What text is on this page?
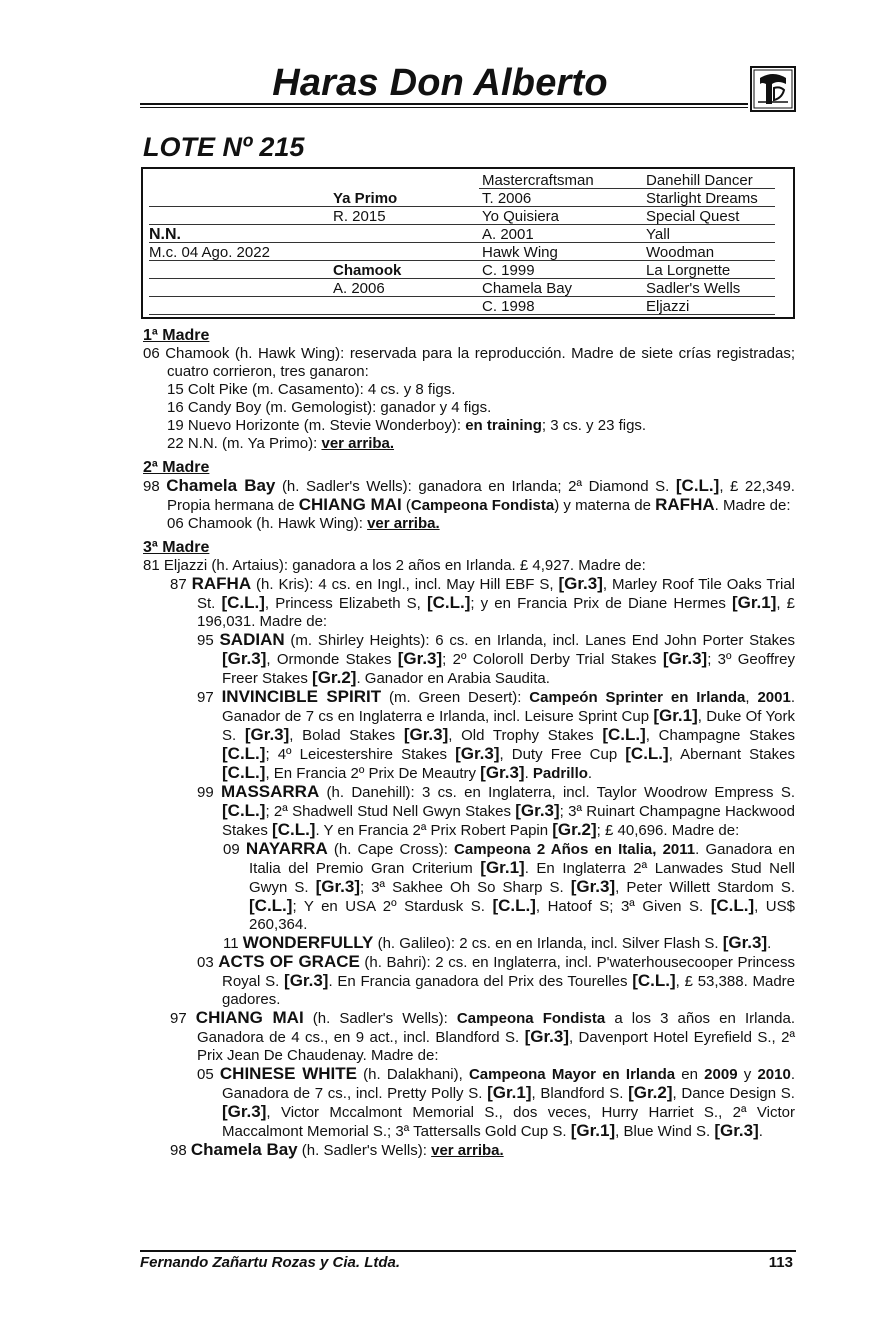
Haras Don Alberto
LOTE Nº 215
Mastercraftsman
T. 2006
Yo Quisiera
A. 2001
Hawk Wing
C. 1999
Chamela Bay
C. 1998
Danehill Dancer
Starlight Dreams
Special Quest
Yall
Woodman
La Lorgnette
Sadler's Wells
Eljazzi
Ya Primo
R. 2015
Chamook
A. 2006
N.N.
M.c. 04 Ago. 2022
1ª Madre
06 Chamook (h. Hawk Wing): reservada para la reproducción. Madre de siete crías registradas; cuatro corrieron, tres ganaron:
15 Colt Pike (m. Casamento): 4 cs. y 8 figs.
16 Candy Boy (m. Gemologist): ganador y 4 figs.
19 Nuevo Horizonte (m. Stevie Wonderboy): en training; 3 cs. y 23 figs.
22 N.N. (m. Ya Primo): ver arriba.
2ª Madre
98 Chamela Bay (h. Sadler's Wells): ganadora en Irlanda; 2ª Diamond S. [C.L.], £ 22,349. Propia hermana de CHIANG MAI (Campeona Fondista) y materna de RAFHA. Madre de:
06 Chamook (h. Hawk Wing): ver arriba.
3ª Madre
81 Eljazzi (h. Artaius): ganadora a los 2 años en Irlanda. £ 4,927. Madre de:
87 RAFHA (h. Kris): 4 cs. en Ingl., incl. May Hill EBF S, [Gr.3], Marley Roof Tile Oaks Trial St. [C.L.], Princess Elizabeth S, [C.L.]; y en Francia Prix de Diane Hermes [Gr.1], £ 196,031. Madre de:
95 SADIAN (m. Shirley Heights): 6 cs. en Irlanda, incl. Lanes End John Porter Stakes [Gr.3], Ormonde Stakes [Gr.3]; 2º Coloroll Derby Trial Stakes [Gr.3]; 3º Geoffrey Freer Stakes [Gr.2]. Ganador en Arabia Saudita.
97 INVINCIBLE SPIRIT (m. Green Desert): Campeón Sprinter en Irlanda, 2001. Ganador de 7 cs en Inglaterra e Irlanda, incl. Leisure Sprint Cup [Gr.1], Duke Of York S. [Gr.3], Bolad Stakes [Gr.3], Old Trophy Stakes [C.L.], Champagne Stakes [C.L.]; 4º Leicestershire Stakes [Gr.3], Duty Free Cup [C.L.], Abernant Stakes [C.L.], En Francia 2º Prix De Meautry [Gr.3]. Padrillo.
99 MASSARRA (h. Danehill): 3 cs. en Inglaterra, incl. Taylor Woodrow Empress S. [C.L.]; 2ª Shadwell Stud Nell Gwyn Stakes [Gr.3]; 3ª Ruinart Champagne Hackwood Stakes [C.L.]. Y en Francia 2ª Prix Robert Papin [Gr.2]; £ 40,696. Madre de:
09 NAYARRA (h. Cape Cross): Campeona 2 Años en Italia, 2011. Ganadora en Italia del Premio Gran Criterium [Gr.1]. En Inglaterra 2ª Lanwades Stud Nell Gwyn S. [Gr.3]; 3ª Sakhee Oh So Sharp S. [Gr.3], Peter Willett Stardom S. [C.L.]; Y en USA 2º Stardusk S. [C.L.], Hatoof S; 3ª Given S. [C.L.], US$ 260,364.
11 WONDERFULLY (h. Galileo): 2 cs. en en Irlanda, incl. Silver Flash S. [Gr.3].
03 ACTS OF GRACE (h. Bahri): 2 cs. en Inglaterra, incl. P'waterhousecooper Princess Royal S. [Gr.3]. En Francia ganadora del Prix des Tourelles [C.L.], £ 53,388. Madre gadores.
97 CHIANG MAI (h. Sadler's Wells): Campeona Fondista a los 3 años en Irlanda. Ganadora de 4 cs., en 9 act., incl. Blandford S. [Gr.3], Davenport Hotel Eyrefield S., 2ª Prix Jean De Chaudenay. Madre de:
05 CHINESE WHITE (h. Dalakhani), Campeona Mayor en Irlanda en 2009 y 2010. Ganadora de 7 cs., incl. Pretty Polly S. [Gr.1], Blandford S. [Gr.2], Dance Design S. [Gr.3], Victor Mccalmont Memorial S., dos veces, Hurry Harriet S., 2ª Victor Maccalmont Memorial S.; 3ª Tattersalls Gold Cup S. [Gr.1], Blue Wind S. [Gr.3].
98 Chamela Bay (h. Sadler's Wells): ver arriba.
Fernando Zañartu Rozas y Cia. Ltda.	113
